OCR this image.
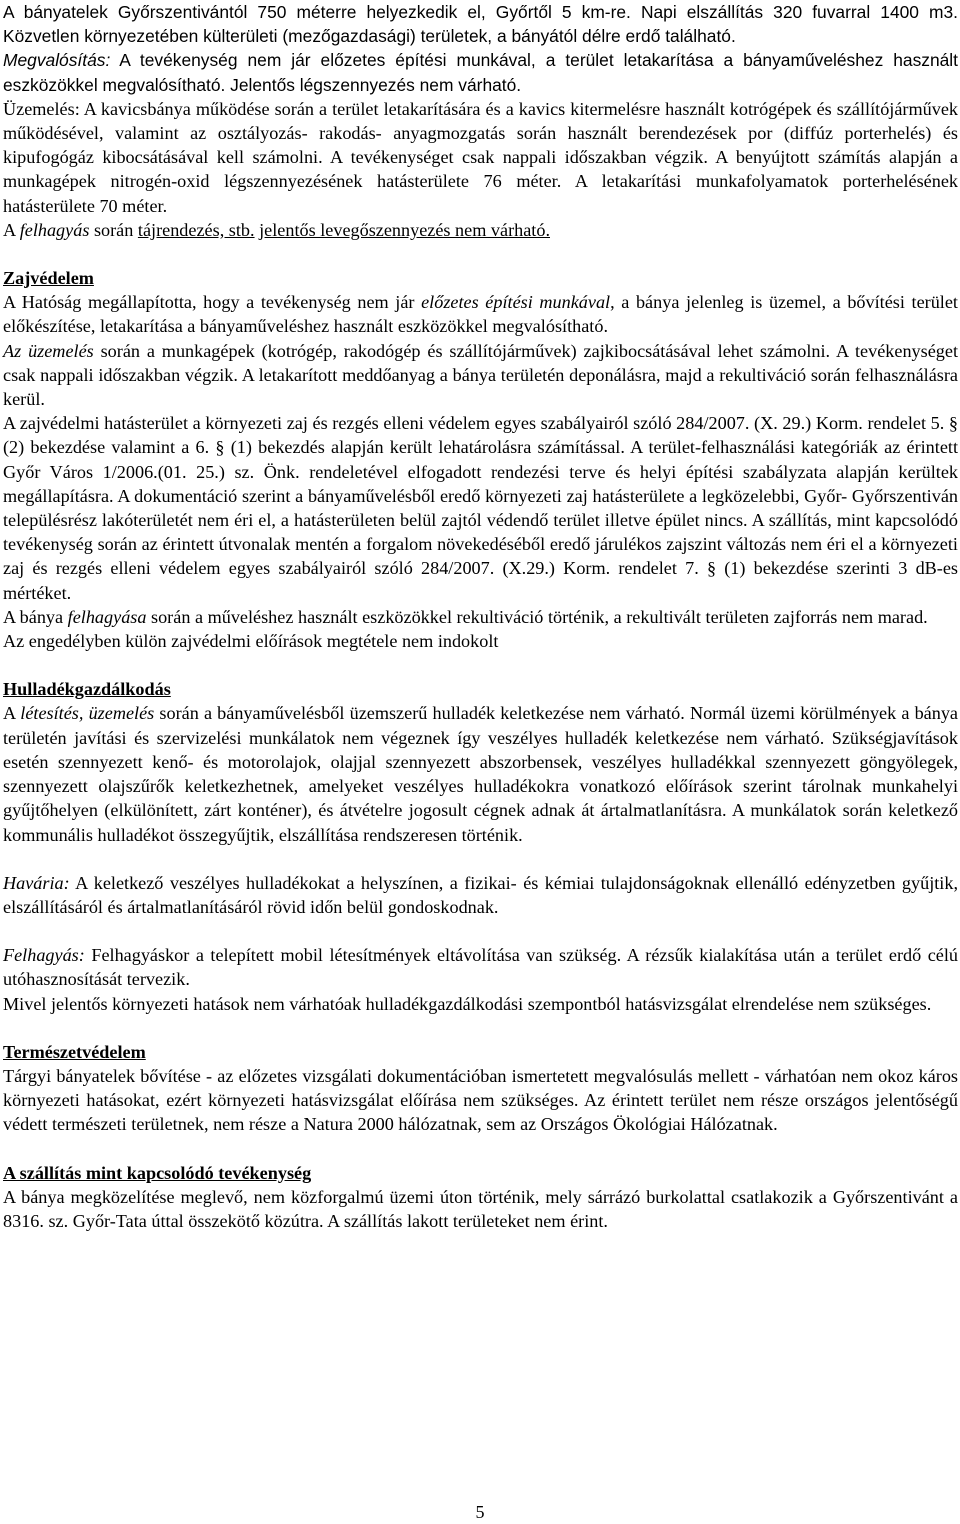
A bányatelek Győrszentivántól 750 méterre helyezkedik el, Győrtől 5 km-re. Napi elszállítás 320 fuvarral 1400 m3. Közvetlen környezetében külterületi (mezőgazdasági) területek, a bányától délre erdő található.
Megvalósítás: A tevékenység nem jár előzetes építési munkával, a terület letakarítása a bányaműveléshez használt eszközökkel megvalósítható. Jelentős légszennyezés nem várható.

Üzemelés: A kavicsbánya működése során a terület letakarítására és a kavics kitermelésre használt kotrógépek és szállítójárművek működésével, valamint az osztályozás- rakodás- anyagmozgatás során használt berendezések por (diffúz porterhelés) és kipufogógáz kibocsátásával kell számolni. A tevékenységet csak nappali időszakban végzik. A benyújtott számítás alapján a munkagépek nitrogén-oxid légszennyezésének hatásterülete 76 méter. A letakarítási munkafolyamatok porterhelésének hatásterülete 70 méter.

A felhagyás során tájrendezés, stb. jelentős levegőszennyezés nem várható.

Zajvédelem

A Hatóság megállapította, hogy a tevékenység nem jár előzetes építési munkával, a bánya jelenleg is üzemel, a bővítési terület előkészítése, letakarítása a bányaműveléshez használt eszközökkel megvalósítható.

Az üzemelés során a munkagépek (kotrógép, rakodógép és szállítójárművek) zajkibocsátásával lehet számolni. A tevékenységet csak nappali időszakban végzik. A letakarított meddőanyag a bánya területén deponálásra, majd a rekultiváció során felhasználásra kerül.

A zajvédelmi hatásterület a környezeti zaj és rezgés elleni védelem egyes szabályairól szóló 284/2007. (X. 29.) Korm. rendelet 5. § (2) bekezdése valamint a 6. § (1) bekezdés alapján került lehatárolásra számítással. A terület-felhasználási kategóriák az érintett Győr Város 1/2006.(01. 25.) sz. Önk. rendeletével elfogadott rendezési terve és helyi építési szabályzata alapján kerültek megállapításra. A dokumentáció szerint a bányaművelésből eredő környezeti zaj hatásterülete a legközelebbi, Győr- Győrszentiván településrész lakóterületét nem éri el, a hatásterületen belül zajtól védendő terület illetve épület nincs. A szállítás, mint kapcsolódó tevékenység során az érintett útvonalak mentén a forgalom növekedéséből eredő járulékos zajszint változás nem éri el a környezeti zaj és rezgés elleni védelem egyes szabályairól szóló 284/2007. (X.29.) Korm. rendelet 7. § (1) bekezdése szerinti 3 dB-es mértéket.

A bánya felhagyása során a műveléshez használt eszközökkel rekultiváció történik, a rekultivált területen zajforrás nem marad.

Az engedélyben külön zajvédelmi előírások megtétele nem indokolt

Hulladékgazdálkodás

A létesítés, üzemelés során a bányaművelésből üzemszerű hulladék keletkezése nem várható. Normál üzemi körülmények a bánya területén javítási és szervizelési munkálatok nem végeznek így veszélyes hulladék keletkezése nem várható. Szükségjavítások esetén szennyezett kenő- és motorolajok, olajjal szennyezett abszorbensek, veszélyes hulladékkal szennyezett göngyölegek, szennyezett olajszűrők keletkezhetnek, amelyeket veszélyes hulladékokra vonatkozó előírások szerint tárolnak munkahelyi gyűjtőhelyen (elkülönített, zárt konténer), és átvételre jogosult cégnek adnak át ártalmatlanításra. A munkálatok során keletkező kommunális hulladékot összegyűjtik, elszállítása rendszeresen történik.

Havária: A keletkező veszélyes hulladékokat a helyszínen, a fizikai- és kémiai tulajdonságoknak ellenálló edényzetben gyűjtik, elszállításáról és ártalmatlanításáról rövid időn belül gondoskodnak.

Felhagyás: Felhagyáskor a telepített mobil létesítmények eltávolítása van szükség. A rézsűk kialakítása után a terület erdő célú utóhasznosítását tervezik.

Mivel jelentős környezeti hatások nem várhatóak hulladékgazdálkodási szempontból hatásvizsgálat elrendelése nem szükséges.

Természetvédelem

Tárgyi bányatelek bővítése - az előzetes vizsgálati dokumentációban ismertetett megvalósulás mellett - várhatóan nem okoz káros környezeti hatásokat, ezért környezeti hatásvizsgálat előírása nem szükséges. Az érintett terület nem része országos jelentőségű védett természeti területnek, nem része a Natura 2000 hálózatnak, sem az Országos Ökológiai Hálózatnak.

A szállítás mint kapcsolódó tevékenység

A bánya megközelítése meglevő, nem közforgalmú üzemi úton történik, mely sárrázó burkolattal csatlakozik a Győrszentivánt a 8316. sz. Győr-Tata úttal összekötő közútra. A szállítás lakott területeket nem érint.

5
